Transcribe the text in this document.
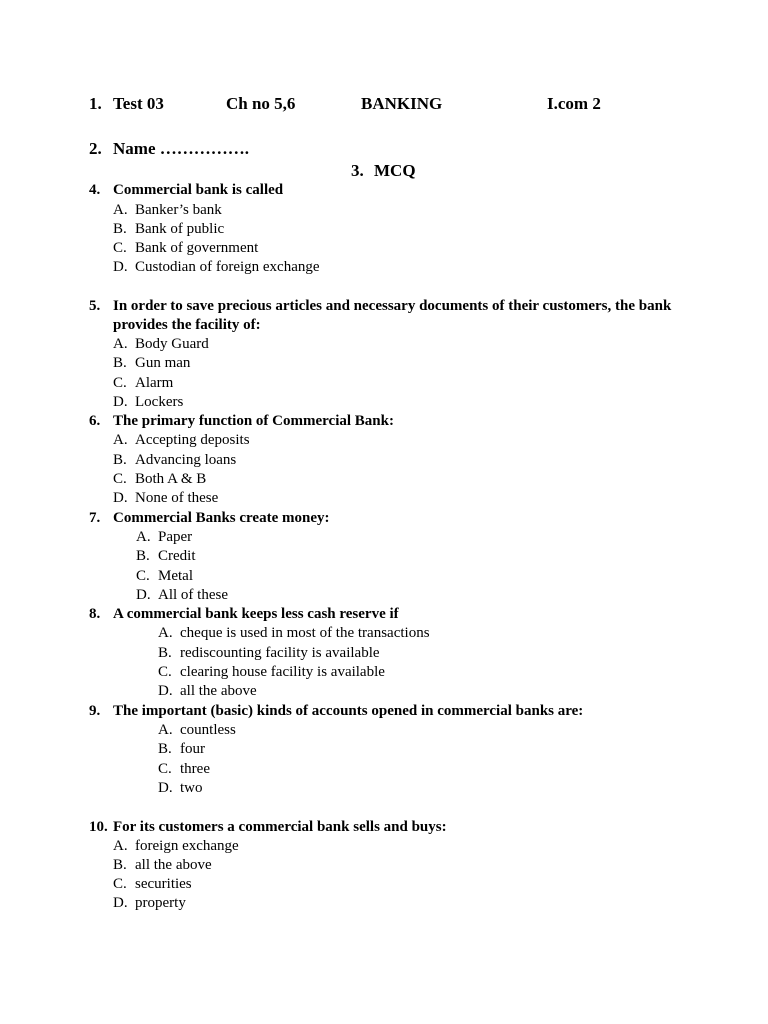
1. Test 03	Ch no 5,6	BANKING	I.com 2
2. Name …………….
3. MCQ
4. Commercial bank is called
A. Banker’s bank
B. Bank of public
C. Bank of government
D. Custodian of foreign exchange
5. In order to save precious articles and necessary documents of their customers, the bank
provides the facility of:
A. Body Guard
B. Gun man
C. Alarm
D. Lockers
6. The primary function of Commercial Bank:
A. Accepting deposits
B. Advancing loans
C. Both A & B
D. None of these
7. Commercial Banks create money:
A. Paper
B. Credit
C. Metal
D. All of these
8. A commercial bank keeps less cash reserve if
A. cheque is used in most of the transactions
B. rediscounting facility is available
C. clearing house facility is available
D. all the above
9. The important (basic) kinds of accounts opened in commercial banks are:
A. countless
B. four
C. three
D. two
10. For its customers a commercial bank sells and buys:
A. foreign exchange
B. all the above
C. securities
D. property
